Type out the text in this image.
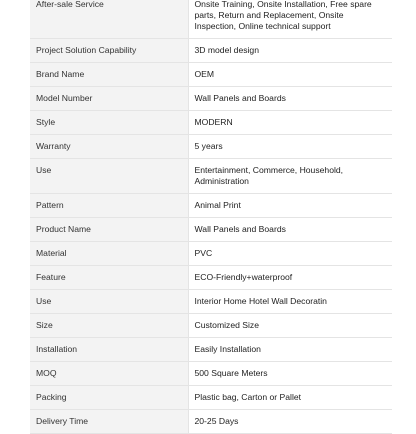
After-sale Service	Onsite Training, Onsite Installation, Free spare parts, Return and Replacement, Onsite Inspection, Online technical support
Project Solution Capability	3D model design
Brand Name	OEM
Model Number	Wall Panels and Boards
Style	MODERN
Warranty	5 years
Use	Entertainment, Commerce, Household, Administration
Pattern	Animal Print
Product Name	Wall Panels and Boards
Material	PVC
Feature	ECO-Friendly+waterproof
Use	Interior Home Hotel Wall Decoratin
Size	Customized Size
Installation	Easily Installation
MOQ	500 Square Meters
Packing	Plastic bag, Carton or Pallet
Delivery Time	20-25 Days
